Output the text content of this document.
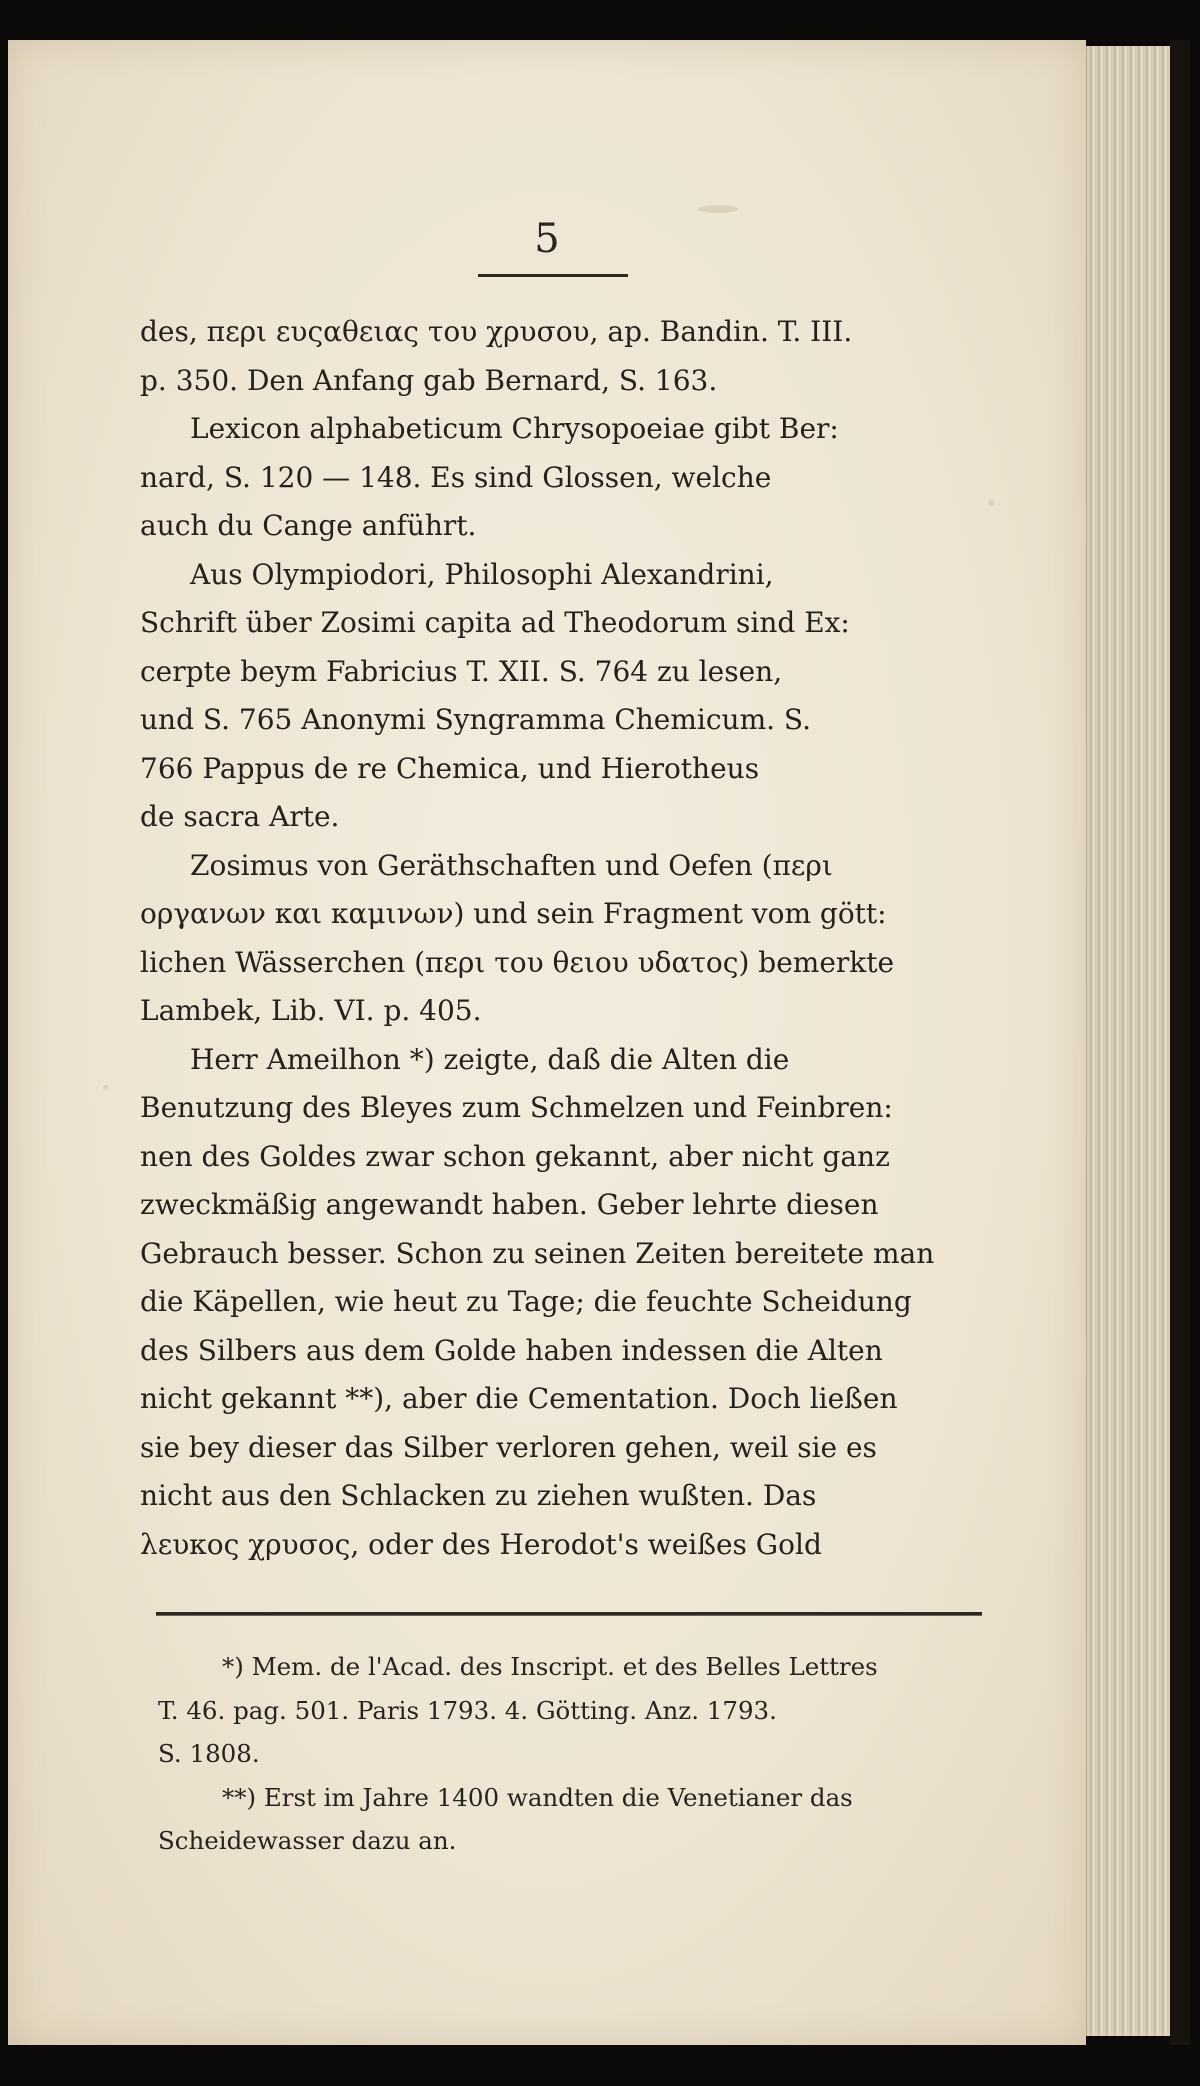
5
des, περι ευςαθειας του χρυσου, ap. Bandin. T. III.
p. 350. Den Anfang gab Bernard, S. 163.
Lexicon alphabeticum Chrysopoeiae gibt Ber:
nard, S. 120 — 148. Es sind Glossen, welche
auch du Cange anführt.
Aus Olympiodori, Philosophi Alexandrini,
Schrift über Zosimi capita ad Theodorum sind Ex:
cerpte beym Fabricius T. XII. S. 764 zu lesen,
und S. 765 Anonymi Syngramma Chemicum. S.
766 Pappus de re Chemica, und Hierotheus
de sacra Arte.
Zosimus von Geräthschaften und Oefen (περι
οργανων και καμινων) und sein Fragment vom gött:
lichen Wässerchen (περι του θειου υδατος) bemerkte
Lambek, Lib. VI. p. 405.
Herr Ameilhon *) zeigte, daß die Alten die
Benutzung des Bleyes zum Schmelzen und Feinbren:
nen des Goldes zwar schon gekannt, aber nicht ganz
zweckmäßig angewandt haben. Geber lehrte diesen
Gebrauch besser. Schon zu seinen Zeiten bereitete man
die Käpellen, wie heut zu Tage; die feuchte Scheidung
des Silbers aus dem Golde haben indessen die Alten
nicht gekannt **), aber die Cementation. Doch ließen
sie bey dieser das Silber verloren gehen, weil sie es
nicht aus den Schlacken zu ziehen wußten. Das
λευκος χρυσος, oder des Herodot's weißes Gold
*) Mem. de l'Acad. des Inscript. et des Belles Lettres
T. 46. pag. 501. Paris 1793. 4. Götting. Anz. 1793.
S. 1808.
**) Erst im Jahre 1400 wandten die Venetianer das
Scheidewasser dazu an.
